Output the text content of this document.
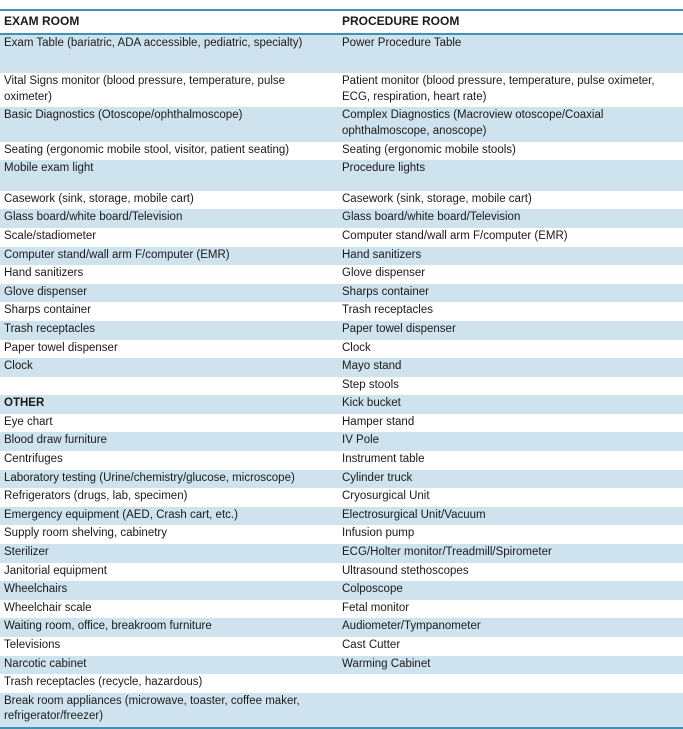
EXAM ROOM	PROCEDURE ROOM
Exam Table (bariatric, ADA accessible, pediatric, specialty)	Power Procedure Table
Vital Signs monitor (blood pressure, temperature, pulse oximeter)	Patient monitor (blood pressure, temperature, pulse oximeter, ECG, respiration, heart rate)
Basic Diagnostics (Otoscope/ophthalmoscope)	Complex Diagnostics (Macroview otoscope/Coaxial ophthalmoscope, anoscope)
Seating (ergonomic mobile stool, visitor, patient seating)	Seating (ergonomic mobile stools)
Mobile exam light	Procedure lights
Casework (sink, storage, mobile cart)	Casework (sink, storage, mobile cart)
Glass board/white board/Television	Glass board/white board/Television
Scale/stadiometer	Computer stand/wall arm F/computer (EMR)
Computer stand/wall arm F/computer (EMR)	Hand sanitizers
Hand sanitizers	Glove dispenser
Glove dispenser	Sharps container
Sharps container	Trash receptacles
Trash receptacles	Paper towel dispenser
Paper towel dispenser	Clock
Clock	Mayo stand
	Step stools
OTHER	Kick bucket
Eye chart	Hamper stand
Blood draw furniture	IV Pole
Centrifuges	Instrument table
Laboratory testing (Urine/chemistry/glucose, microscope)	Cylinder truck
Refrigerators (drugs, lab, specimen)	Cryosurgical Unit
Emergency equipment (AED, Crash cart, etc.)	Electrosurgical Unit/Vacuum
Supply room shelving, cabinetry	Infusion pump
Sterilizer	ECG/Holter monitor/Treadmill/Spirometer
Janitorial equipment	Ultrasound stethoscopes
Wheelchairs	Colposcope
Wheelchair scale	Fetal monitor
Waiting room, office, breakroom furniture	Audiometer/Tympanometer
Televisions	Cast Cutter
Narcotic cabinet	Warming Cabinet
Trash receptacles (recycle, hazardous)	
Break room appliances (microwave, toaster, coffee maker, refrigerator/freezer)	
